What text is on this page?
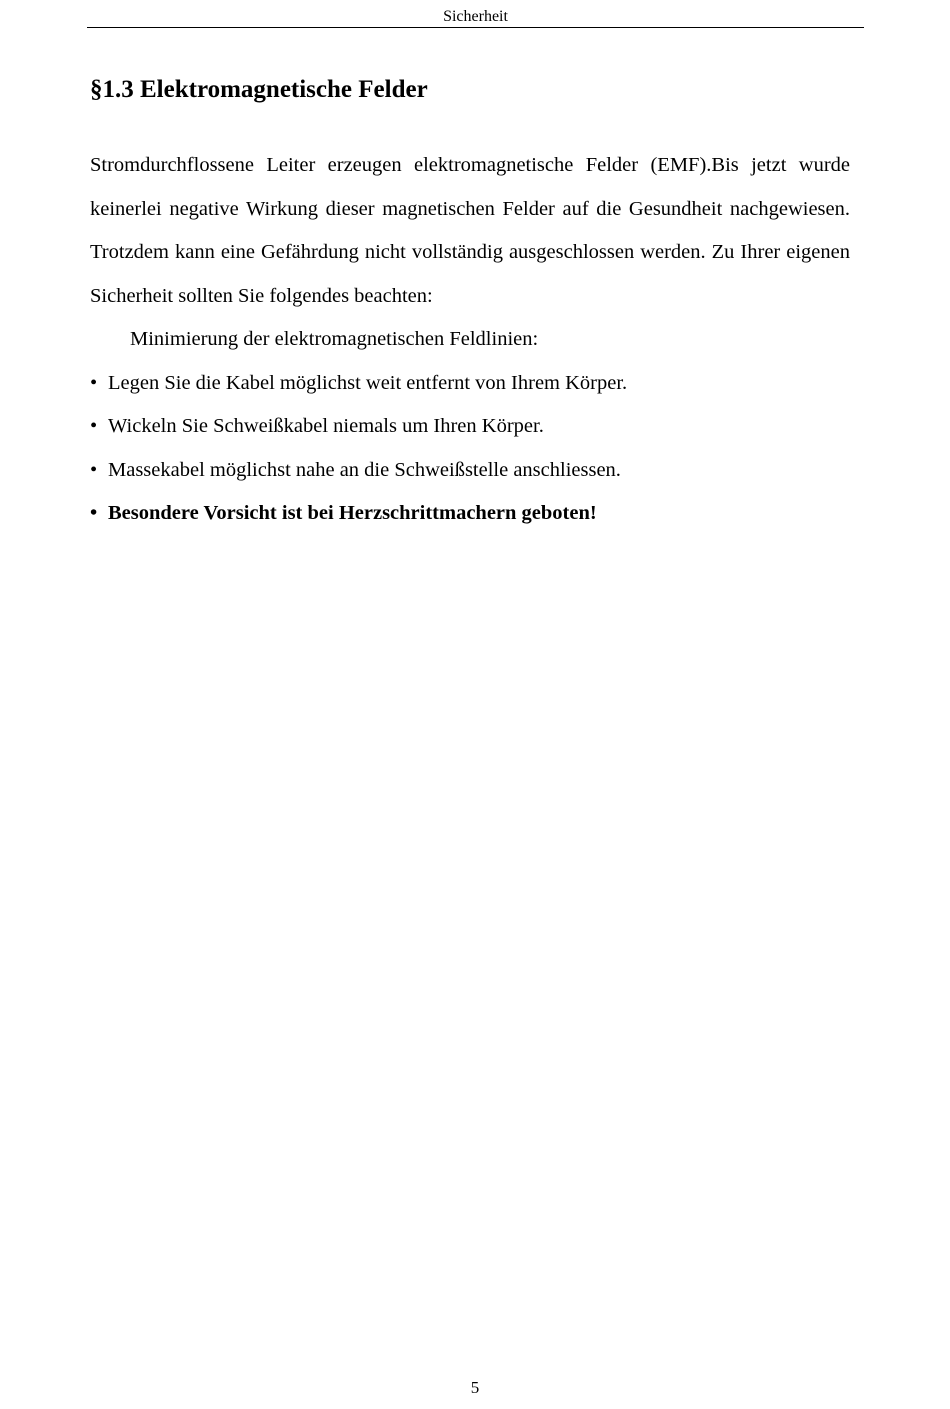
Sicherheit
§1.3 Elektromagnetische Felder

Stromdurchflossene Leiter erzeugen elektromagnetische Felder (EMF).Bis jetzt wurde keinerlei negative Wirkung dieser magnetischen Felder auf die Gesundheit nachgewiesen. Trotzdem kann eine Gefährdung nicht vollständig ausgeschlossen werden. Zu Ihrer eigenen Sicherheit sollten Sie folgendes beachten:

Minimierung der elektromagnetischen Feldlinien:

• Legen Sie die Kabel möglichst weit entfernt von Ihrem Körper.
• Wickeln Sie Schweißkabel niemals um Ihren Körper.
• Massekabel möglichst nahe an die Schweißstelle anschliessen.
• Besondere Vorsicht ist bei Herzschrittmachern geboten!
5
